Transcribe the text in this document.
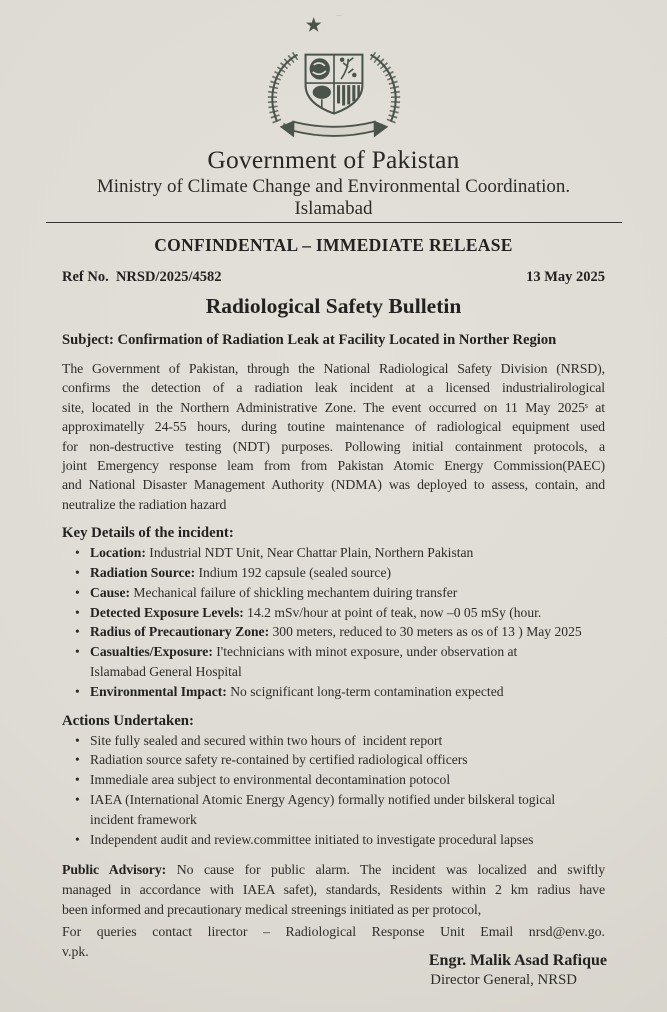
Government of Pakistan
Ministry of Climate Change and Environmental Coordination.
Islamabad
CONFINDENTAL – IMMEDIATE RELEASE
Ref No.  NRSD/2025/4582	13 May 2025
Radiological Safety Bulletin
Subject: Confirmation of Radiation Leak at Facility Located in Norther Region
The Government of Pakistan, through the National Radiological Safety Division (NRSD),
confirms the detection of a radiation leak incident at a licensed industrialirological
site, located in the Northern Administrative Zone. The event occurred on 11 May 2025ˢ at
approximatelly 24-55 hours, during toutine maintenance of radiological equipment used
for non-destructive testing (NDT) purposes. Pollowing initial containment protocols, a
joint Emergency response leam from from Pakistan Atomic Energy Commission(PAEC)
and National Disaster Management Authority (NDMA) was deployed to assess, contain, and
neutralize the radiation hazard
Key Details of the incident:
• Location: Industrial NDT Unit, Near Chattar Plain, Northern Pakistan
• Radiation Source: Indium 192 capsule (sealed source)
• Cause: Mechanical failure of shickling mechantem duiring transfer
• Detected Exposure Levels: 14.2 mSv/hour at point of teak, now –0 05 mSy (hour.
• Radius of Precautionary Zone: 300 meters, reduced to 30 meters as os of 13 ) May 2025
• Casualties/Exposure: I'technicians with minot exposure, under observation at
Islamabad General Hospital
• Environmental Impact: No scignificant long-term contamination expected
Actions Undertaken:
• Site fully sealed and secured within two hours of  incident report
• Radiation source safety re-contained by certified radiological officers
• Immediale area subject to environmental decontamination potocol
• IAEA (International Atomic Energy Agency) formally notified under bilskeral togical
incident framework
• Independent audit and review.committee initiated to investigate procedural lapses
Public Advisory: No cause for public alarm. The incident was localized and swiftly
managed in accordance with IAEA safet), standards, Residents within 2 km radius have
been informed and precautionary medical streenings initiated as per protocol,
For queries contact lirector – Radiological Response Unit Email nrsd@env.go.
v.pk.
Engr. Malik Asad Rafique
Director General, NRSD
